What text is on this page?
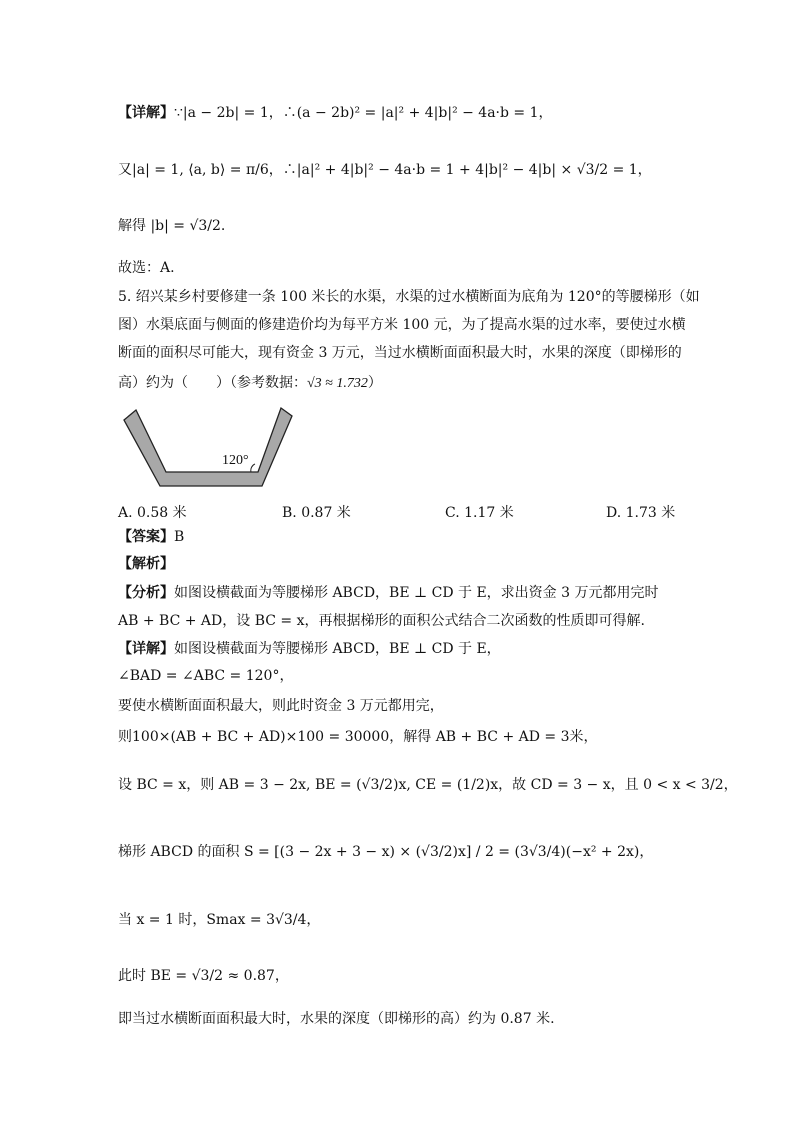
【详解】∵|a − 2b| = 1，∴(a − 2b)² = |a|² + 4|b|² − 4a·b = 1，
又|a| = 1, ⟨a, b⟩ = π/6，∴|a|² + 4|b|² − 4a·b = 1 + 4|b|² − 4|b| × √3/2 = 1，
解得 |b| = √3/2.
故选：A.
5. 绍兴某乡村要修建一条 100 米长的水渠，水渠的过水横断面为底角为 120°的等腰梯形（如
图）水渠底面与侧面的修建造价均为每平方米 100 元，为了提高水渠的过水率，要使过水横
断面的面积尽可能大，现有资金 3 万元，当过水横断面面积最大时，水果的深度（即梯形的
高）约为（　　）（参考数据：√3 ≈ 1.732）
120°
A. 0.58 米	B. 0.87 米	C. 1.17 米	D. 1.73 米
【答案】B
【解析】
【分析】如图设横截面为等腰梯形 ABCD，BE ⊥ CD 于 E，求出资金 3 万元都用完时
AB + BC + AD，设 BC = x，再根据梯形的面积公式结合二次函数的性质即可得解.
【详解】如图设横截面为等腰梯形 ABCD，BE ⊥ CD 于 E，
∠BAD = ∠ABC = 120°，
要使水横断面面积最大，则此时资金 3 万元都用完，
则100×(AB + BC + AD)×100 = 30000，解得 AB + BC + AD = 3米，
设 BC = x，则 AB = 3 − 2x, BE = (√3/2)x, CE = (1/2)x，故 CD = 3 − x，且 0 < x < 3/2，
梯形 ABCD 的面积 S = [(3 − 2x + 3 − x) × (√3/2)x] / 2 = (3√3/4)(−x² + 2x)，
当 x = 1 时，Smax = 3√3/4，
此时 BE = √3/2 ≈ 0.87，
即当过水横断面面积最大时，水果的深度（即梯形的高）约为 0.87 米.
